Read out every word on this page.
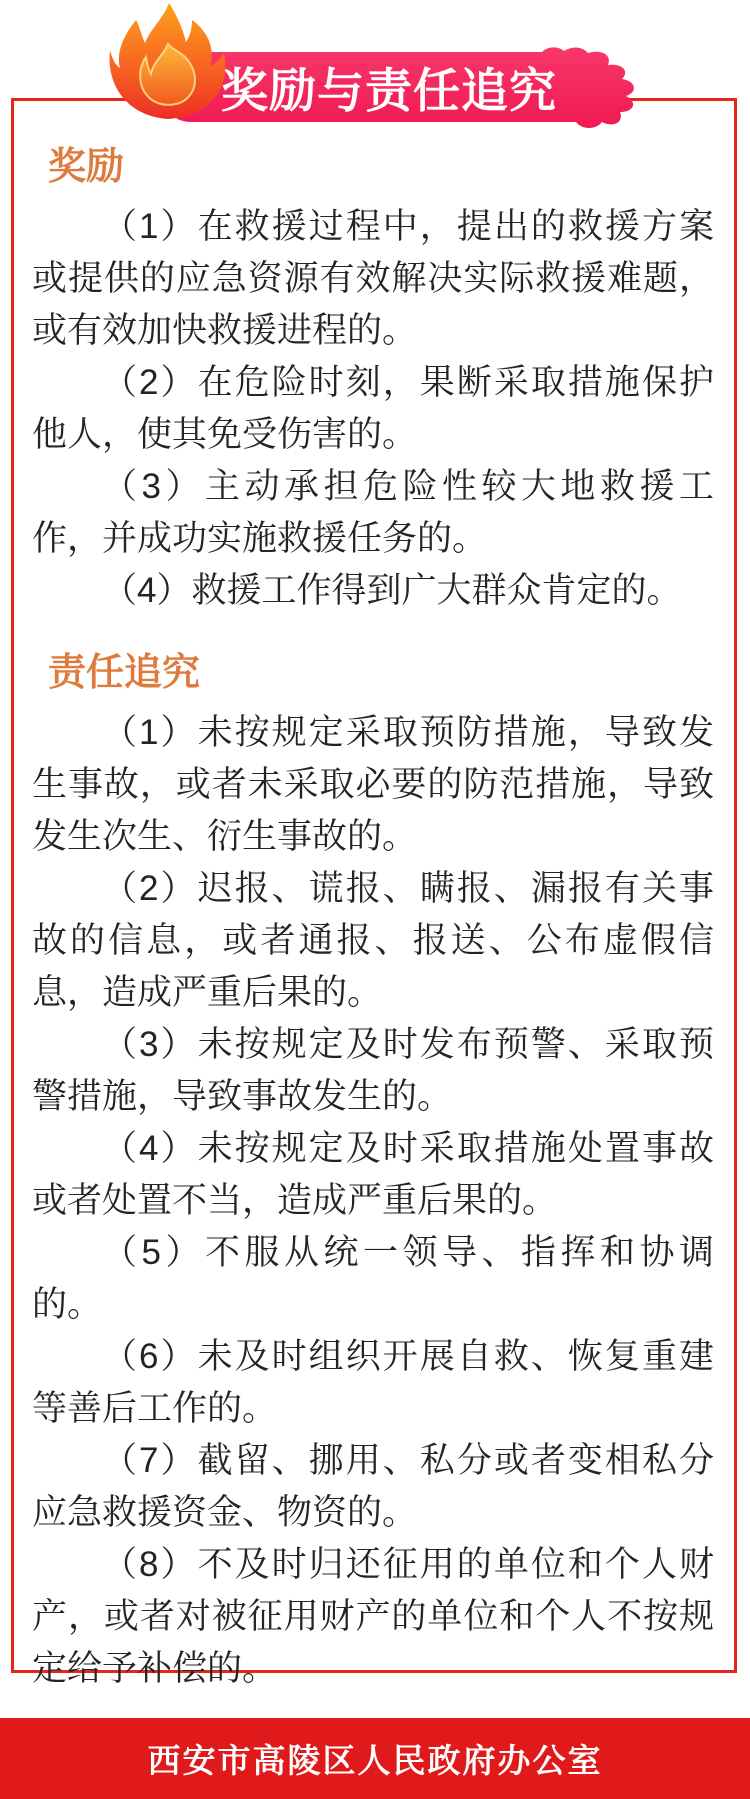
奖励与责任追究
奖励

（1）在救援过程中，提出的救援方案或提供的应急资源有效解决实际救援难题，或有效加快救援进程的。

（2）在危险时刻，果断采取措施保护他人，使其免受伤害的。

（3）主动承担危险性较大地救援工作，并成功实施救援任务的。

（4）救援工作得到广大群众肯定的。

责任追究

（1）未按规定采取预防措施，导致发生事故，或者未采取必要的防范措施，导致发生次生、衍生事故的。

（2）迟报、谎报、瞒报、漏报有关事故的信息，或者通报、报送、公布虚假信息，造成严重后果的。

（3）未按规定及时发布预警、采取预警措施，导致事故发生的。

（4）未按规定及时采取措施处置事故或者处置不当，造成严重后果的。

（5）不服从统一领导、指挥和协调的。

（6）未及时组织开展自救、恢复重建等善后工作的。

（7）截留、挪用、私分或者变相私分应急救援资金、物资的。

（8）不及时归还征用的单位和个人财产，或者对被征用财产的单位和个人不按规定给予补偿的。

西安市高陵区人民政府办公室
